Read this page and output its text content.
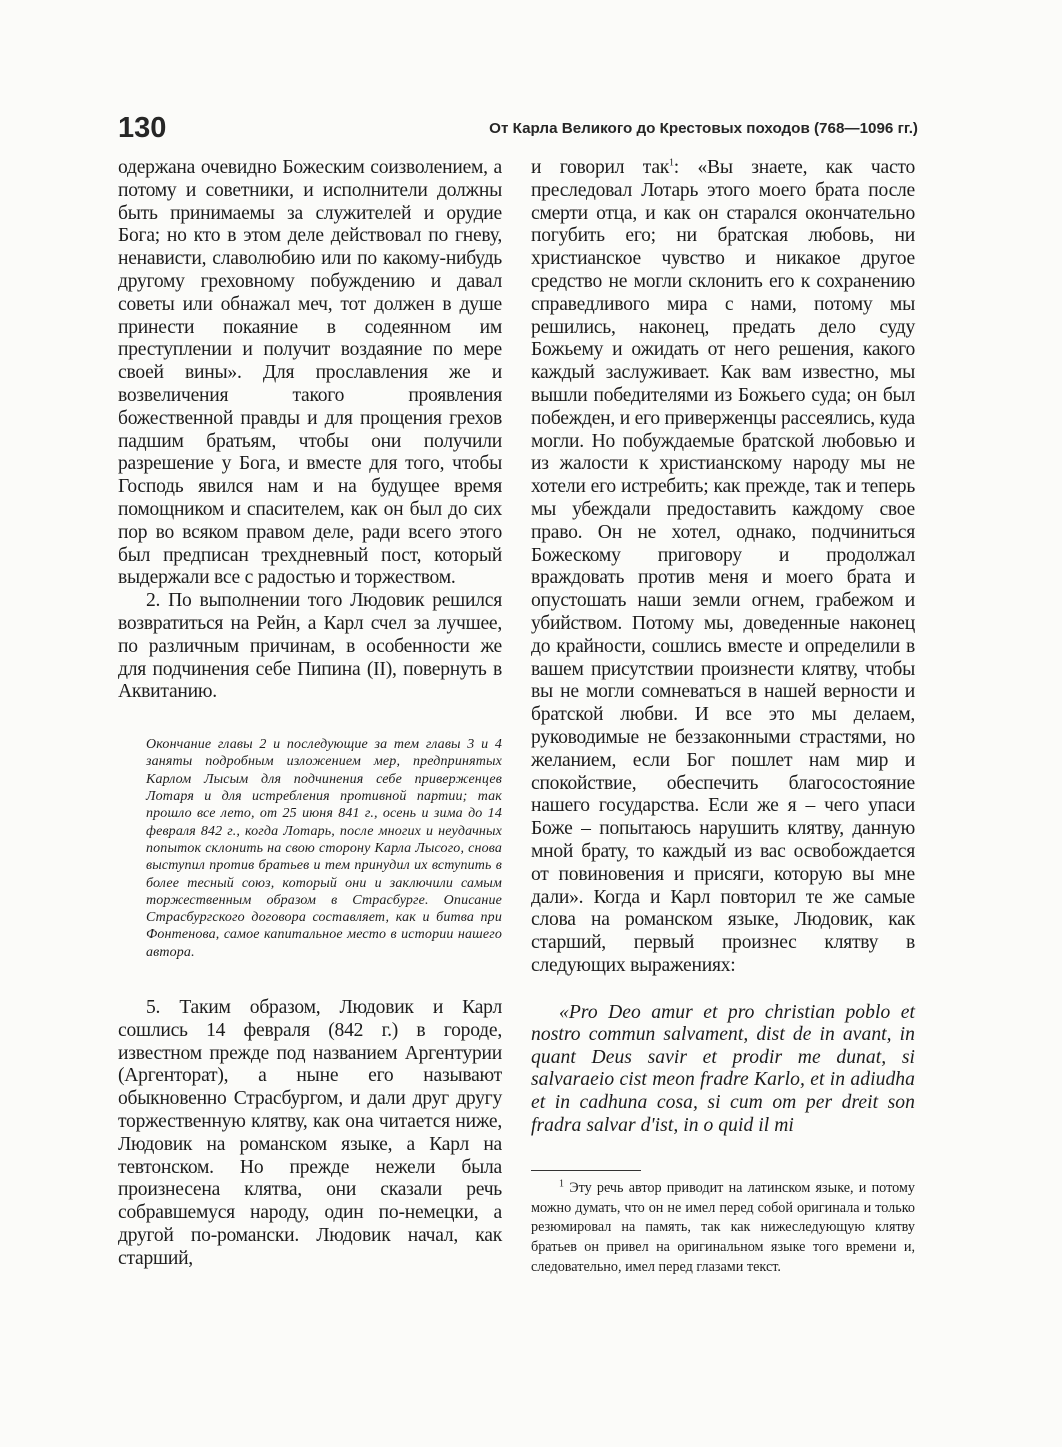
130	От Карла Великого до Крестовых походов (768—1096 гг.)

одержана очевидно Божеским соизволением, а потому и советники, и исполнители должны быть принимаемы за служителей и орудие Бога; но кто в этом деле действовал по гневу, ненависти, славолюбию или по какому-нибудь другому греховному побуждению и давал советы или обнажал меч, тот должен в душе принести покаяние в содеянном им преступлении и получит воздаяние по мере своей вины». Для прославления же и возвеличения такого проявления божественной правды и для прощения грехов падшим братьям, чтобы они получили разрешение у Бога, и вместе для того, чтобы Господь явился нам и на будущее время помощником и спасителем, как он был до сих пор во всяком правом деле, ради всего этого был предписан трехдневный пост, который выдержали все с радостью и торжеством.

2. По выполнении того Людовик решился возвратиться на Рейн, а Карл счел за лучшее, по различным причинам, в особенности же для подчинения себе Пипина (II), повернуть в Аквитанию.

Окончание главы 2 и последующие за тем главы 3 и 4 заняты подробным изложением мер, предпринятых Карлом Лысым для подчинения себе приверженцев Лотаря и для истребления противной партии; так прошло все лето, от 25 июня 841 г., осень и зима до 14 февраля 842 г., когда Лотарь, после многих и неудачных попыток склонить на свою сторону Карла Лысого, снова выступил против братьев и тем принудил их вступить в более тесный союз, который они и заключили самым торжественным образом в Страсбурге. Описание Страсбургского договора составляет, как и битва при Фонтенова, самое капитальное место в истории нашего автора.

5. Таким образом, Людовик и Карл сошлись 14 февраля (842 г.) в городе, известном прежде под названием Аргентурии (Аргенторат), а ныне его называют обыкновенно Страсбургом, и дали друг другу торжественную клятву, как она читается ниже, Людовик на романском языке, а Карл на тевтонском. Но прежде нежели была произнесена клятва, они сказали речь собравшемуся народу, один по-немецки, а другой по-романски. Людовик начал, как старший,

и говорил так$^1$: «Вы знаете, как часто преследовал Лотарь этого моего брата после смерти отца, и как он старался окончательно погубить его; ни братская любовь, ни христианское чувство и никакое другое средство не могли склонить его к сохранению справедливого мира с нами, потому мы решились, наконец, предать дело суду Божьему и ожидать от него решения, какого каждый заслуживает. Как вам известно, мы вышли победителями из Божьего суда; он был побежден, и его приверженцы рассеялись, куда могли. Но побуждаемые братской любовью и из жалости к христианскому народу мы не хотели его истребить; как прежде, так и теперь мы убеждали предоставить каждому свое право. Он не хотел, однако, подчиниться Божескому приговору и продолжал враждовать против меня и моего брата и опустошать наши земли огнем, грабежом и убийством. Потому мы, доведенные наконец до крайности, сошлись вместе и определили в вашем присутствии произнести клятву, чтобы вы не могли сомневаться в нашей верности и братской любви. И все это мы делаем, руководимые не беззаконными страстями, но желанием, если Бог пошлет нам мир и спокойствие, обеспечить благосостояние нашего государства. Если же я – чего упаси Боже – попытаюсь нарушить клятву, данную мной брату, то каждый из вас освобождается от повиновения и присяги, которую вы мне дали». Когда и Карл повторил те же самые слова на романском языке, Людовик, как старший, первый произнес клятву в следующих выражениях:

«Pro Deo amur et pro christian poblo et nostro commun salvament, dist de in avant, in quant Deus savir et prodir me dunat, si salvaraeio cist meon fradre Karlo, et in adiudha et in cadhuna cosa, si cum om per dreit son fradra salvar d'ist, in o quid il mi

$^1$ Эту речь автор приводит на латинском языке, и потому можно думать, что он не имел перед собой оригинала и только резюмировал на память, так как нижеследующую клятву братьев он привел на оригинальном языке того времени и, следовательно, имел перед глазами текст.
